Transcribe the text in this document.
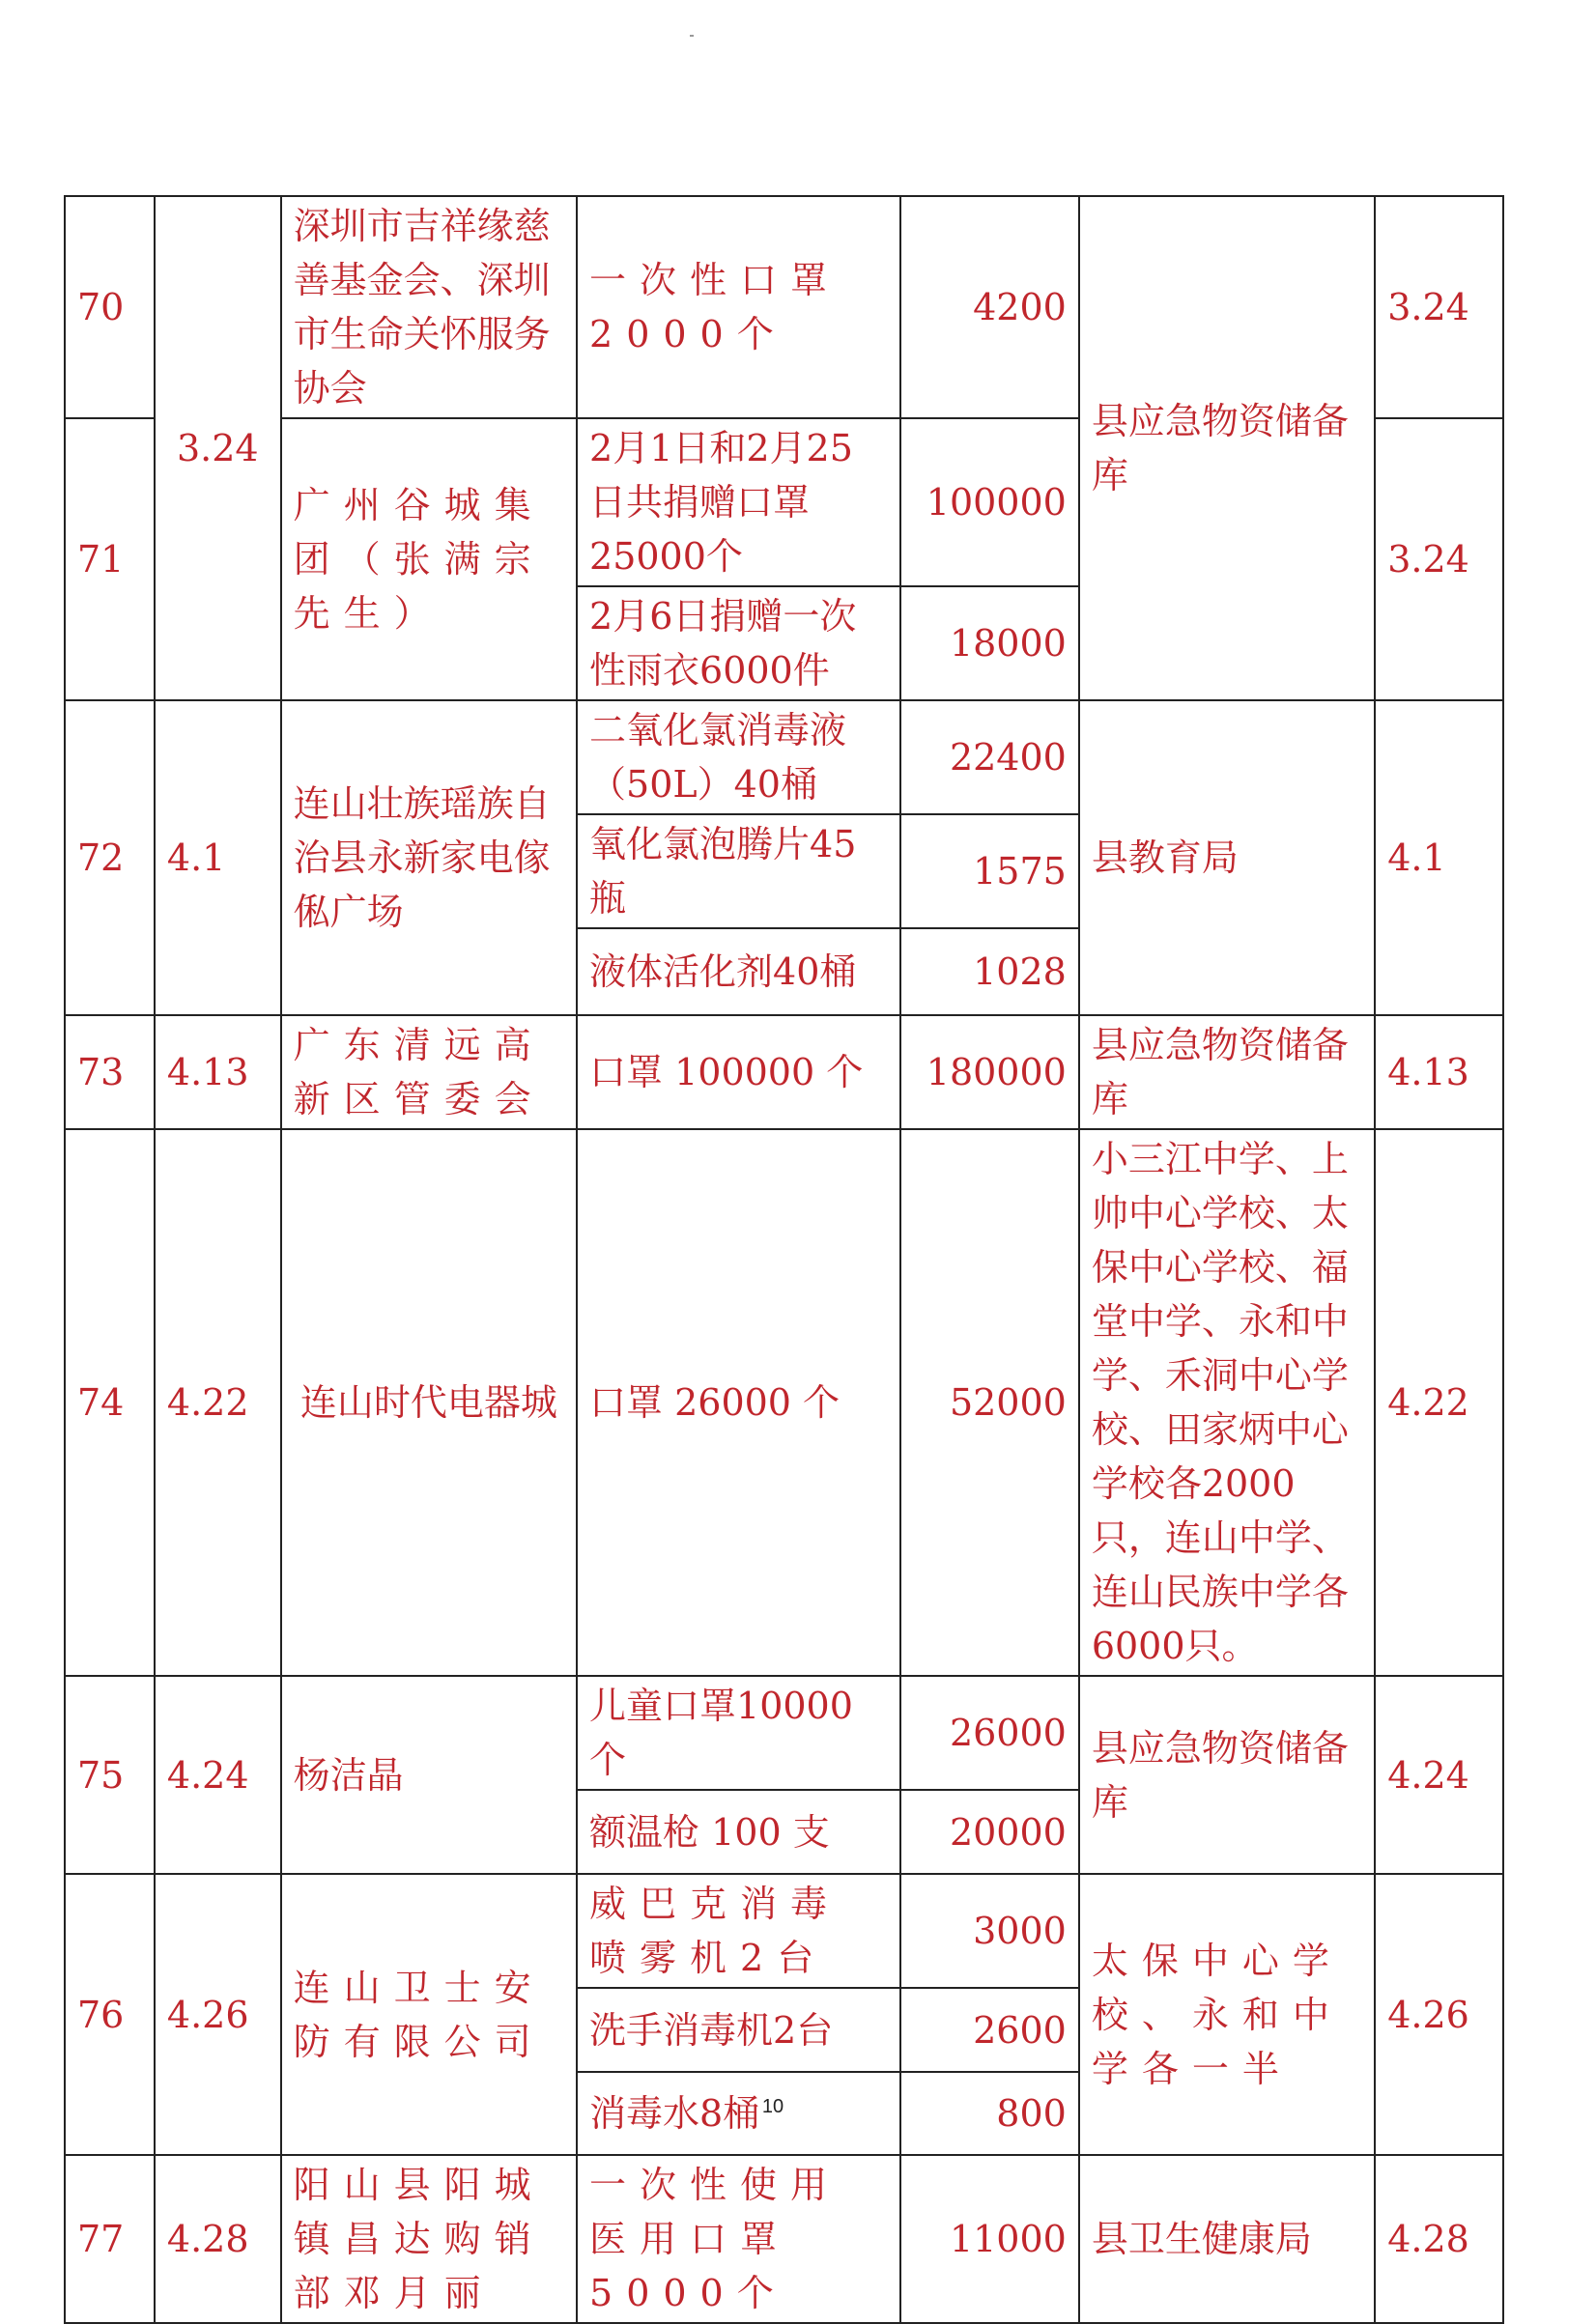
70	3.24	深圳市吉祥缘慈善基金会、深圳市生命关怀服务协会	一次性口罩 2000个	4200	县应急物资储备库	3.24
71		广州谷城集团（张满宗先生）	2月1日和2月25日共捐赠口罩25000个	100000		3.24
			2月6日捐赠一次性雨衣6000件	18000		
72	4.1	连山壮族瑶族自治县永新家电傢俬广场	二氧化氯消毒液（50L）40桶	22400	县教育局	4.1
			氧化氯泡腾片45瓶	1575		
			液体活化剂40桶	1028		
73	4.13	广东清远高新区管委会	口罩 100000 个	180000	县应急物资储备库	4.13
74	4.22	连山时代电器城	口罩 26000 个	52000	小三江中学、上帅中心学校、太保中心学校、福堂中学、永和中学、禾洞中心学校、田家炳中心学校各2000只，连山中学、连山民族中学各6000只。	4.22
75	4.24	杨洁晶	儿童口罩10000个	26000	县应急物资储备库	4.24
			额温枪 100 支	20000		
76	4.26	连山卫士安防有限公司	威巴克消毒喷雾机2台	3000	太保中心学校、永和中学各一半	4.26
			洗手消毒机2台	2600		
			消毒水8桶	800		
77	4.28	阳山县阳城镇昌达购销部邓月丽	一次性使用医用口罩5000个	11000	县卫生健康局	4.28
10
